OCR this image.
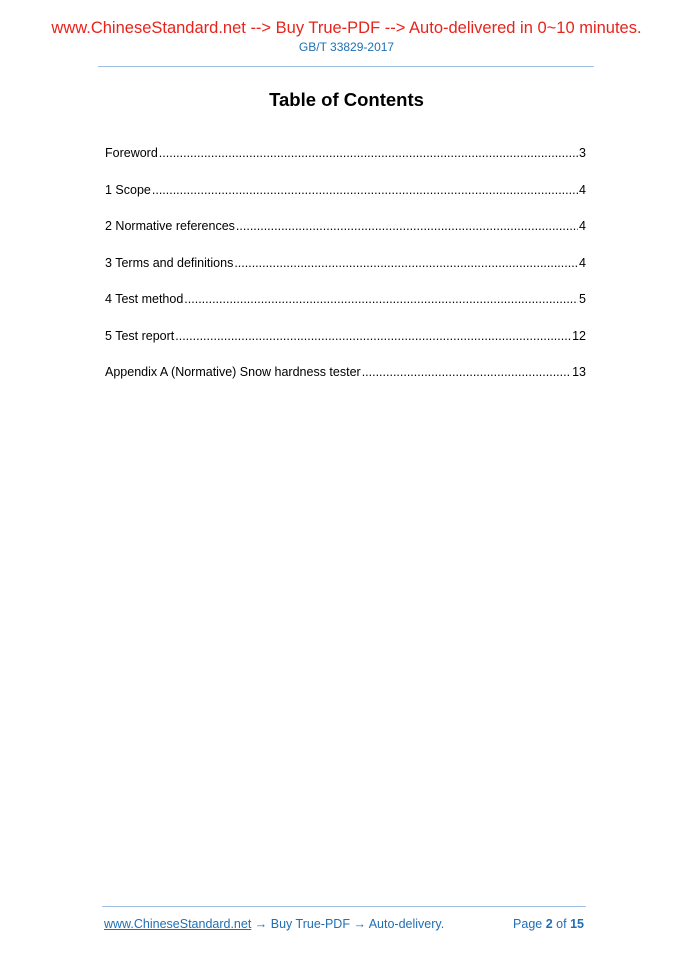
www.ChineseStandard.net --> Buy True-PDF --> Auto-delivered in 0~10 minutes.
GB/T 33829-2017
Table of Contents
Foreword .....	3
1 Scope .....	4
2 Normative references .....	4
3 Terms and definitions .....	4
4 Test method .....	5
5 Test report .....	12
Appendix A (Normative) Snow hardness tester .....	13
www.ChineseStandard.net → Buy True-PDF → Auto-delivery.	Page 2 of 15
